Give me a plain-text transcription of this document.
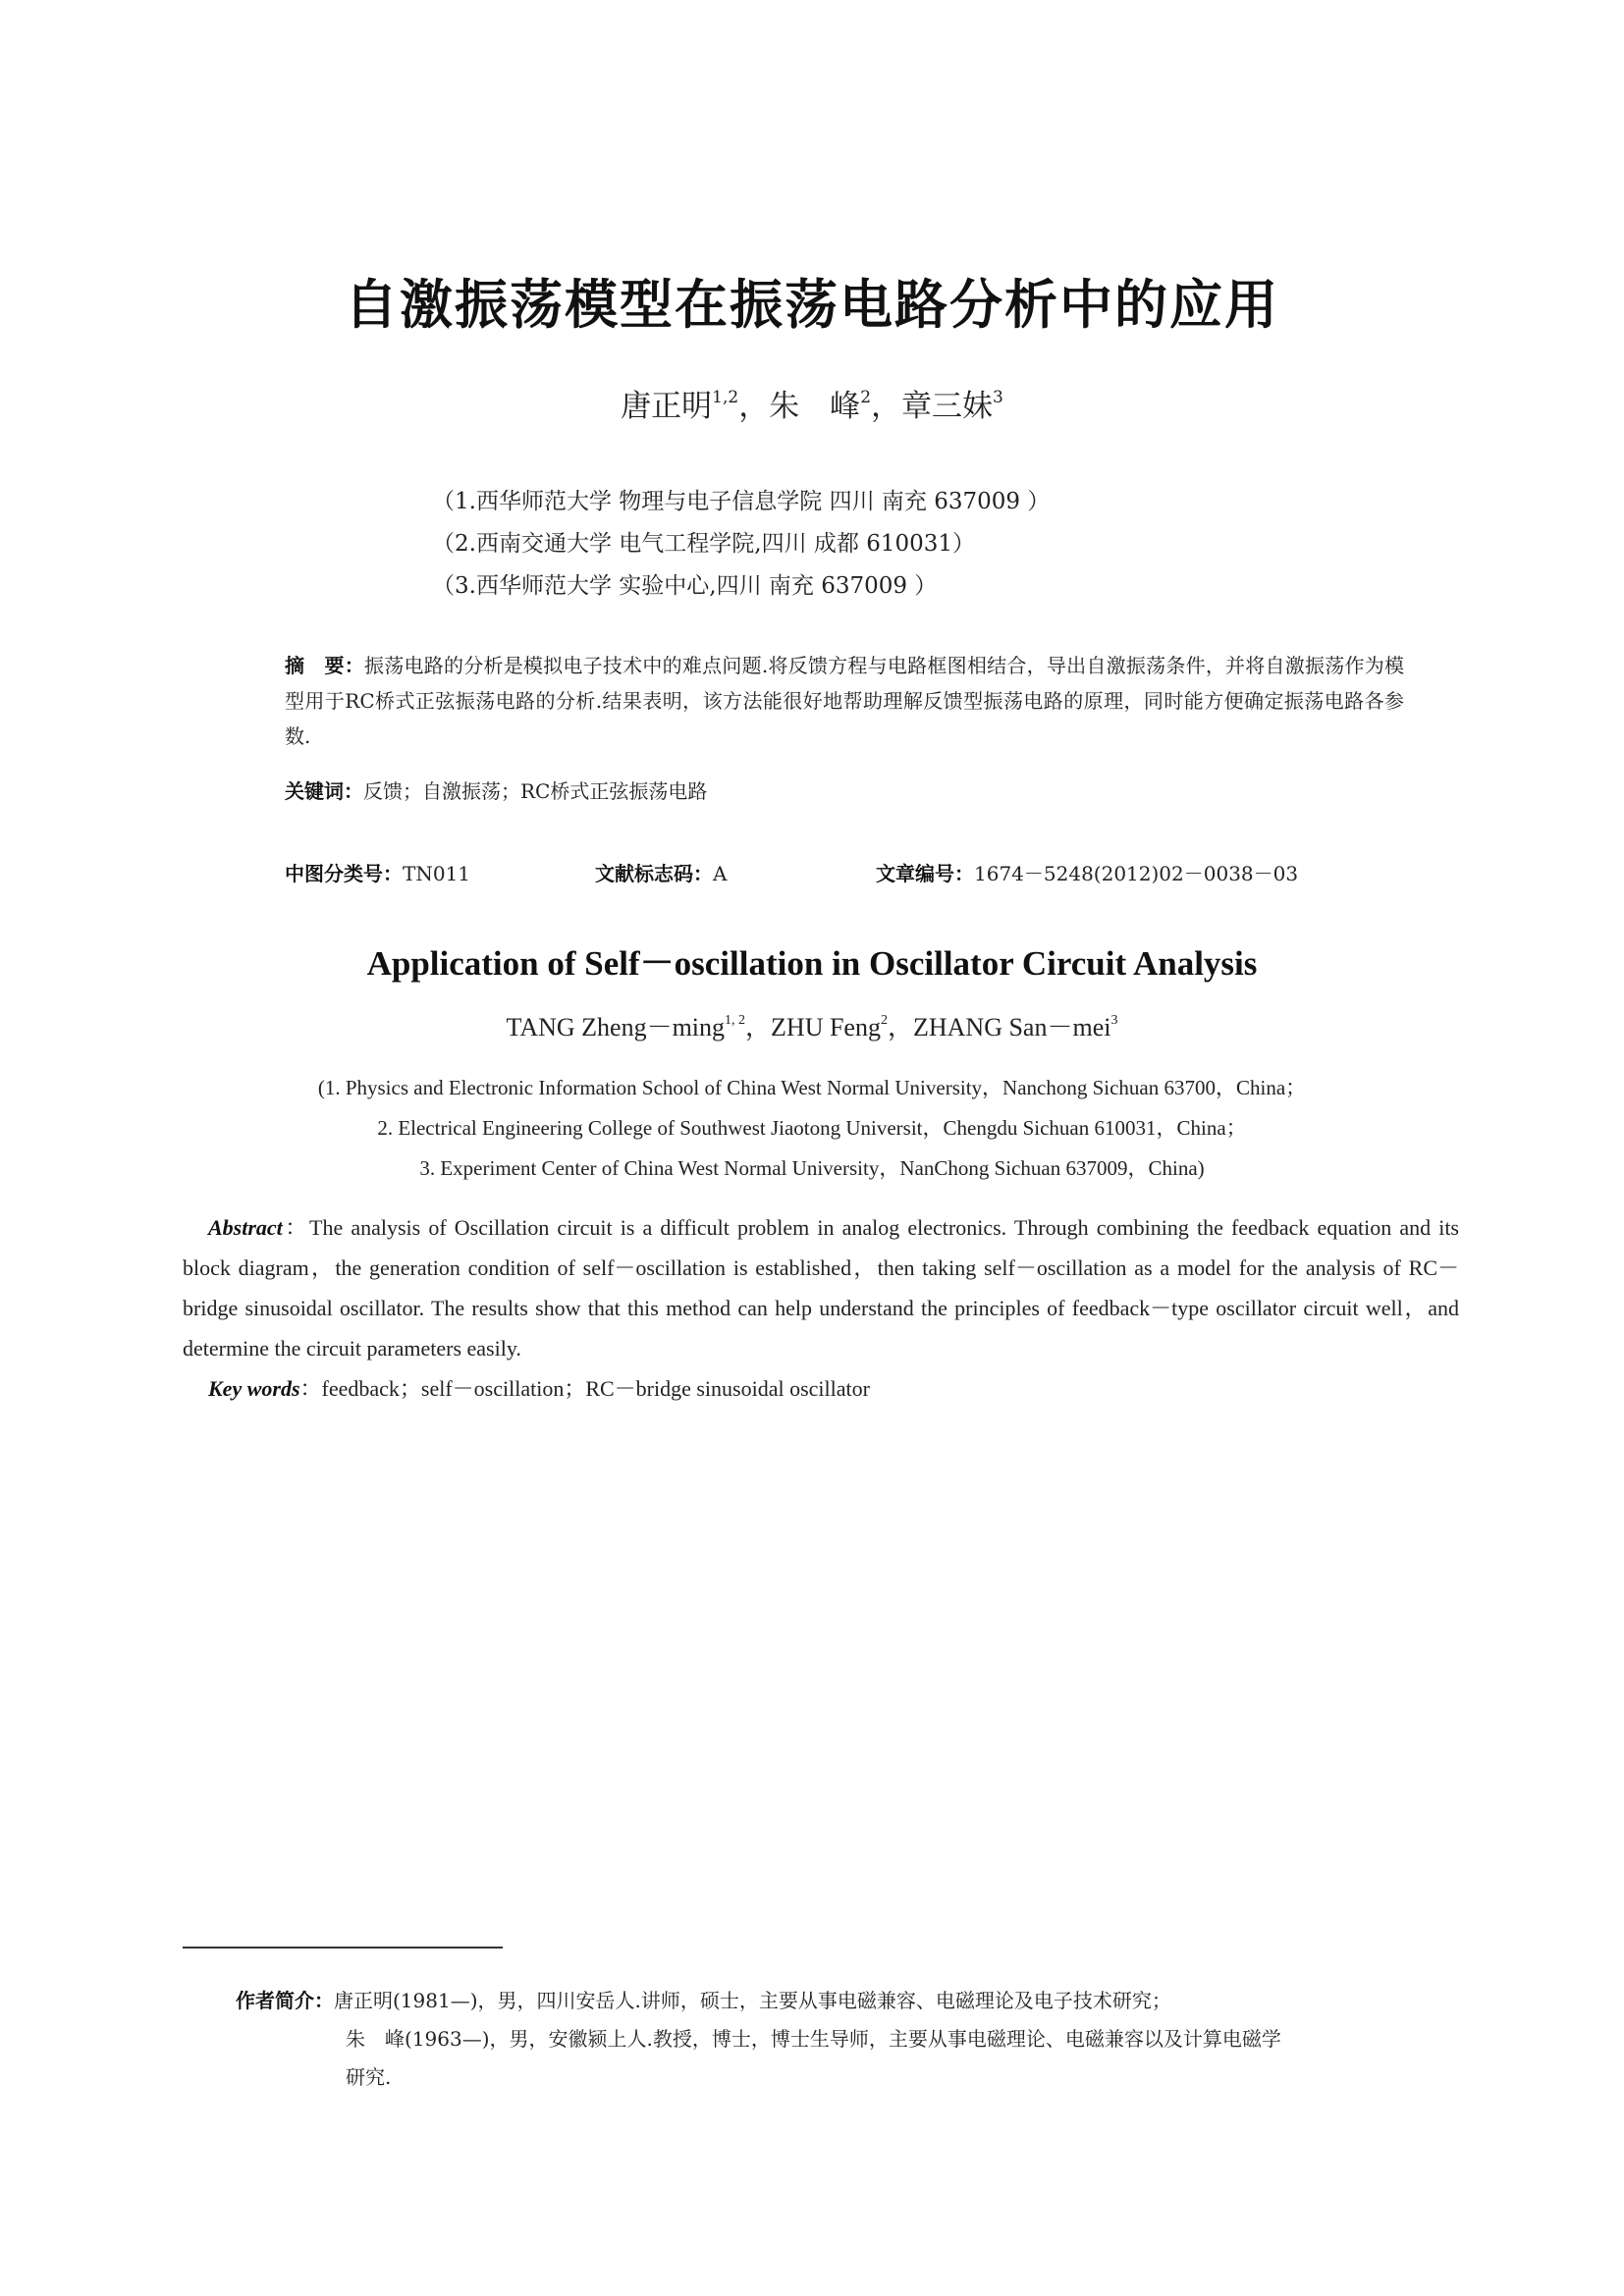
自激振荡模型在振荡电路分析中的应用
唐正明$^{1,2}$，朱　峰$^2$，章三妹$^3$
（1.西华师范大学 物理与电子信息学院 四川 南充 637009 ）
（2.西南交通大学 电气工程学院,四川 成都 610031）
（3.西华师范大学 实验中心,四川 南充 637009 ）
摘　要：振荡电路的分析是模拟电子技术中的难点问题.将反馈方程与电路框图相结合，导出自激振荡条件，并将自激振荡作为模型用于RC桥式正弦振荡电路的分析.结果表明，该方法能很好地帮助理解反馈型振荡电路的原理，同时能方便确定振荡电路各参数.
关键词：反馈；自激振荡；RC桥式正弦振荡电路
中图分类号：TN011	文献标志码：A	文章编号：1674－5248(2012)02－0038－03
Application of Self－oscillation in Oscillator Circuit Analysis
TANG Zheng－ming$^{1, 2}$，ZHU Feng$^2$，ZHANG San－mei$^3$
(1. Physics and Electronic Information School of China West Normal University，Nanchong Sichuan 63700，China；
2. Electrical Engineering College of Southwest Jiaotong Universit，Chengdu Sichuan 610031，China；
3. Experiment Center of China West Normal University，NanChong Sichuan 637009，China)
Abstract：The analysis of Oscillation circuit is a difficult problem in analog electronics. Through combining the feedback equation and its block diagram，the generation condition of self－oscillation is established，then taking self－oscillation as a model for the analysis of RC－bridge sinusoidal oscillator. The results show that this method can help understand the principles of feedback－type oscillator circuit well，and determine the circuit parameters easily.
Key words：feedback；self－oscillation；RC－bridge sinusoidal oscillator
作者简介：唐正明(1981—)，男，四川安岳人.讲师，硕士，主要从事电磁兼容、电磁理论及电子技术研究；
朱　峰(1963—)，男，安徽颍上人.教授，博士，博士生导师，主要从事电磁理论、电磁兼容以及计算电磁学
研究.
